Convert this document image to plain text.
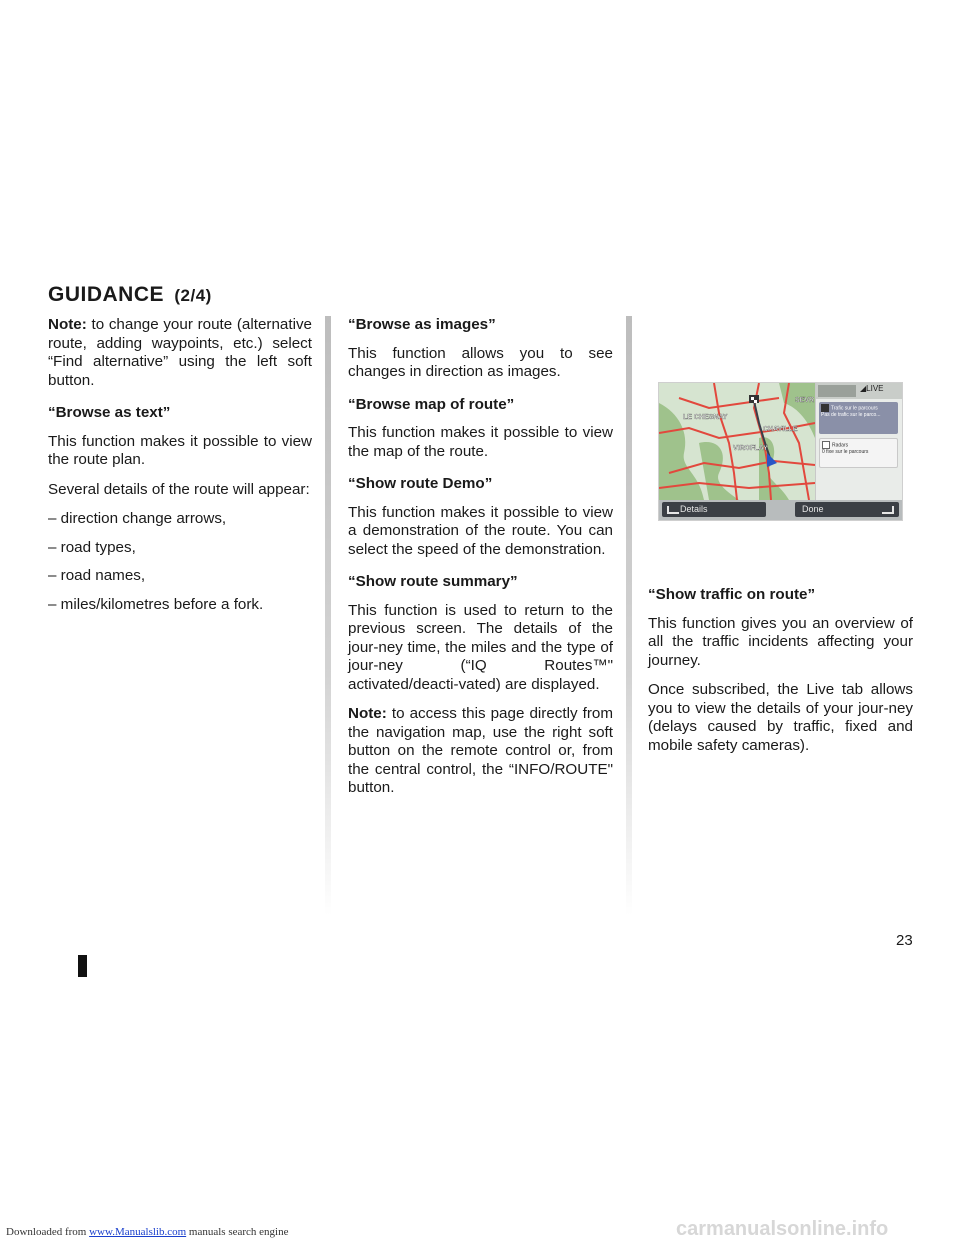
GUIDANCE (2/4)

Note: to change your route (alternative route, adding waypoints, etc.) select “Find alternative” using the left soft button.

“Browse as text”

This function makes it possible to view the route plan.

Several details of the route will appear:

– direction change arrows,

– road types,

– road names,

– miles/kilometres before a fork.

“Browse as images”

This function allows you to see changes in direction as images.

“Browse map of route”

This function makes it possible to view the map of the route.

“Show route Demo”

This function makes it possible to view a demonstration of the route. You can select the speed of the demonstration.

“Show route summary”

This function is used to return to the previous screen. The details of the jour-ney time, the miles and the type of jour-ney (“IQ Routes™" activated/deacti-vated) are displayed.

Note: to access this page directly from the navigation map, use the right soft button on the remote control or, from the central control, the “INFO/ROUTE" button.

LE CHESNAY
CHAVILLE
VIROFLAY
SEVR
◢LIVE
Trafic sur le parcours
Pas de trafic sur le parco...
Radars
0 fixe sur le parcours
Details	Done

“Show traffic on route”

This function gives you an overview of all the traffic incidents affecting your journey.

Once subscribed, the Live tab allows you to view the details of your jour-ney (delays caused by traffic, fixed and mobile safety cameras).

23
Downloaded from www.Manualslib.com manuals search engine	carmanualsonline.info
